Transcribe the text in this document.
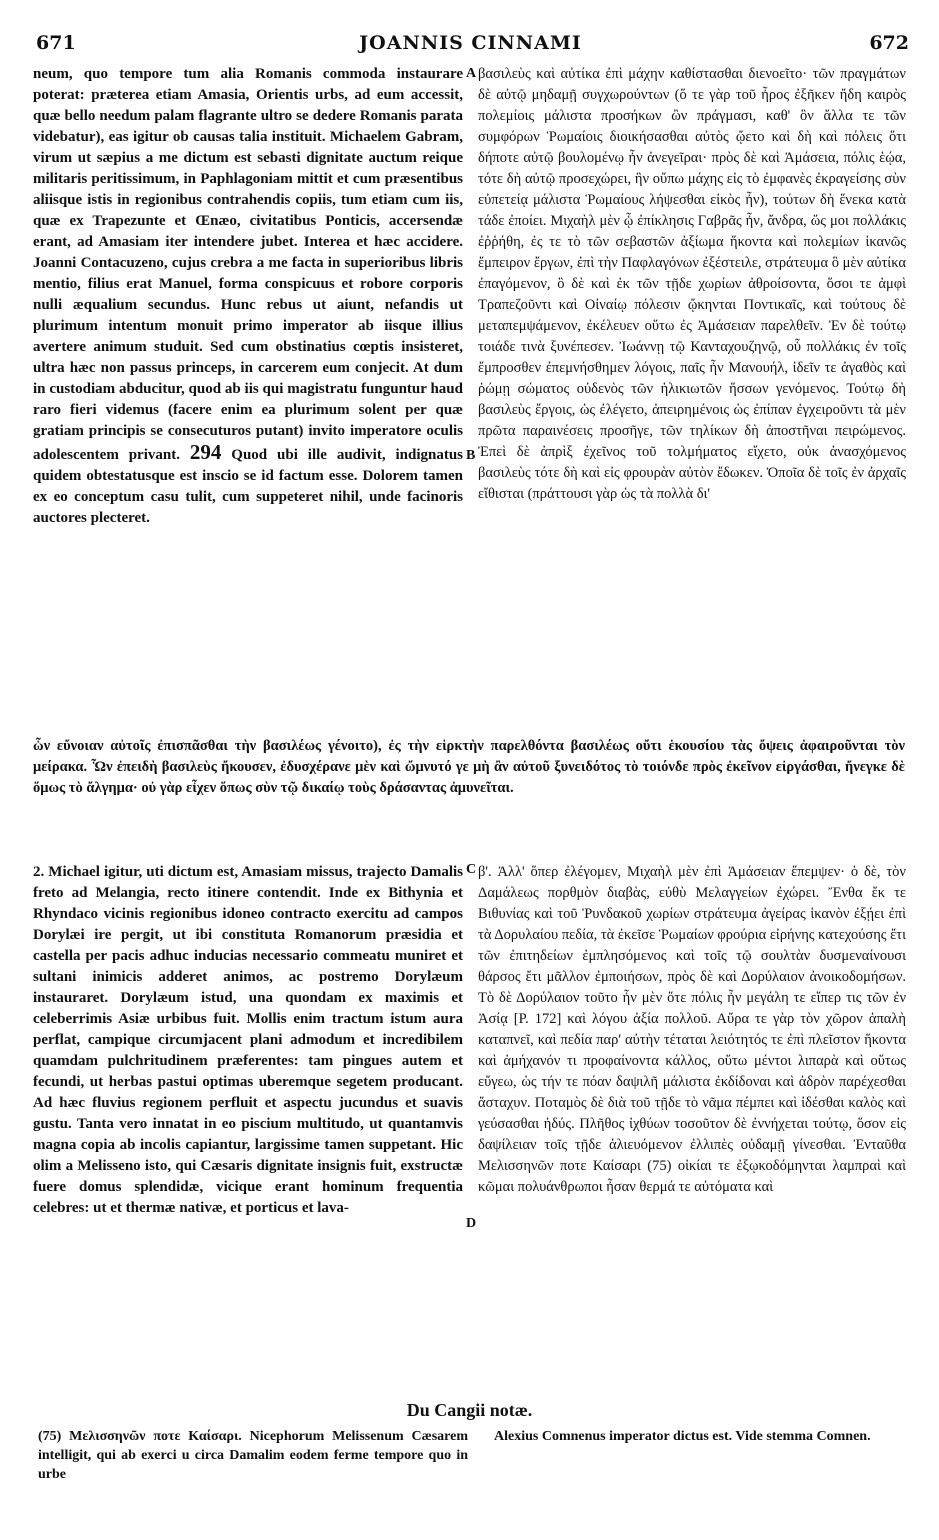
671	JOANNIS CINNAMI	672

neum, quo tempore tum alia Romanis commoda instaurare poterat: præterea etiam Amasia, Orientis urbs, ad eum accessit, quæ bello needum palam flagrante ultro se dedere Romanis parata videbatur), eas igitur ob causas talia instituit. Michaelem Gabram, virum ut sæpius a me dictum est sebasti dignitate auctum reique militaris peritissimum, in Paphlagoniam mittit et cum præsentibus aliisque istis in regionibus contrahendis copiis, tum etiam cum iis, quæ ex Trapezunte et Œnæo, civitatibus Ponticis, accersendæ erant, ad Amasiam iter intendere jubet. Interea et hæc accidere. Joanni Contacuzeno, cujus crebra a me facta in superioribus libris mentio, filius erat Manuel, forma conspicuus et robore corporis nulli æqualium secundus. Hunc rebus ut aiunt, nefandis ut plurimum intentum monuit primo imperator ab iisque illius avertere animum studuit. Sed cum obstinatius cœptis insisteret, ultra hæc non passus princeps, in carcerem eum conjecit. At dum in custodiam abducitur, quod ab iis qui magistratu funguntur haud raro fieri videmus (facere enim ea plurimum solent per quæ gratiam principis se consecuturos putant) invito imperatore oculis adolescentem privant. 294 Quod ubi ille audivit, indignatus quidem obtestatusque est inscio se id factum esse. Dolorem tamen ex eo conceptum casu tulit, cum suppeteret nihil, unde facinoris auctores plecteret.

βασιλεὺς καὶ αὐτίκα ἐπὶ μάχην καθίστασθαι διενοεῖτο· τῶν πραγμάτων δὲ αὐτῷ μηδαμῇ συγχωρούντων (ὅ τε γὰρ τοῦ ἦρος ἐξῆκεν ἤδη καιρὸς πολεμίοις μάλιστα προσήκων ὢν πράγμασι, καθ' ὃν ἄλλα τε τῶν συμφόρων Ῥωμαίοις διοικήσασθαι αὐτὸς ᾤετο καὶ δὴ καὶ πόλεις ὅτι δήποτε αὐτῷ βουλομένῳ ἦν ἀνεγεῖραι· πρὸς δὲ καὶ Ἀμάσεια, πόλις ἑῴα, τότε δὴ αὐτῷ προσεχώρει, ἣν οὔπω μάχης εἰς τὸ ἐμφανὲς ἐκραγείσης σὺν εὐπετείᾳ μάλιστα Ῥωμαίους λήψεσθαι εἰκὸς ἦν), τούτων δὴ ἕνεκα κατὰ τάδε ἐποίει. Μιχαὴλ μὲν ᾧ ἐπίκλησις Γαβρᾶς ἦν, ἄνδρα, ὥς μοι πολλάκις ἐῤῥήθη, ἐς τε τὸ τῶν σεβαστῶν ἀξίωμα ἥκοντα καὶ πολεμίων ἱκανῶς ἔμπειρον ἔργων, ἐπὶ τὴν Παφλαγόνων ἐξέστειλε, στράτευμα ὃ μὲν αὐτίκα ἐπαγόμενον, ὃ δὲ καὶ ἐκ τῶν τῇδε χωρίων ἀθροίσοντα, ὅσοι τε ἀμφὶ Τραπεζοῦντι καὶ Οἰναίῳ πόλεσιν ᾤκηνται Ποντικαῖς, καὶ τούτους δὲ μεταπεμψάμενον, ἐκέλευεν οὕτω ἐς Ἀμάσειαν παρελθεῖν. Ἐν δὲ τούτῳ τοιάδε τινὰ ξυνέπεσεν. Ἰωάννῃ τῷ Κανταχουζηνῷ, οὗ πολλάκις ἐν τοῖς ἔμπροσθεν ἐπεμνήσθημεν λόγοις, παῖς ἦν Μανουήλ, ἰδεῖν τε ἀγαθὸς καὶ ῥώμῃ σώματος οὐδενὸς τῶν ἡλικιωτῶν ἥσσων γενόμενος. Τούτῳ δὴ βασιλεὺς ἔργοις, ὡς ἐλέγετο, ἀπειρημένοις ὡς ἐπίπαν ἐγχειροῦντι τὰ μὲν πρῶτα παραινέσεις προσῆγε, τῶν τηλίκων δὴ ἀποστῆναι πειρώμενος. Ἐπεὶ δὲ ἀπρὶξ ἐχεῖνος τοῦ τολμήματος εἴχετο, οὐκ ἀνασχόμενος βασιλεὺς τότε δὴ καὶ εἰς φρουρὰν αὐτὸν ἔδωκεν. Ὁποῖα δὲ τοῖς ἐν ἀρχαῖς εἴθισται (πράττουσι γὰρ ὡς τὰ πολλὰ δι'

ὧν εὔνοιαν αὐτοῖς ἐπισπᾶσθαι τὴν βασιλέως γένοιτο), ἐς τὴν εἱρκτὴν παρελθόντα βασιλέως οὔτι ἑκουσίου τὰς ὄψεις ἀφαιροῦνται τὸν μείρακα. Ὧν ἐπειδὴ βασιλεὺς ἤκουσεν, ἐδυσχέρανε μὲν καὶ ὤμνυτό γε μὴ ἂν αὐτοῦ ξυνειδότος τὸ τοιόνδε πρὸς ἐκεῖνον εἰργάσθαι, ἤνεγκε δὲ ὅμως τὸ ἄλγημα· οὐ γὰρ εἶχεν ὅπως σὺν τῷ δικαίῳ τοὺς δράσαντας ἀμυνεῖται.

2. Michael igitur, uti dictum est, Amasiam missus, trajecto Damalis freto ad Melangia, recto itinere contendit. Inde ex Bithynia et Rhyndaco vicinis regionibus idoneo contracto exercitu ad campos Dorylæi ire pergit, ut ibi constituta Romanorum præsidia et castella per pacis adhuc inducias necessario commeatu muniret et sultani inimicis adderet animos, ac postremo Dorylæum instauraret. Dorylæum istud, una quondam ex maximis et celeberrimis Asiæ urbibus fuit. Mollis enim tractum istum aura perflat, campique circumjacent plani admodum et incredibilem quamdam pulchritudinem præferentes: tam pingues autem et fecundi, ut herbas pastui optimas uberemque segetem producant. Ad hæc fluvius regionem perfluit et aspectu jucundus et suavis gustu. Tanta vero innatat in eo piscium multitudo, ut quantamvis magna copia ab incolis capiantur, largissime tamen suppetant. Hic olim a Melisseno isto, qui Cæsaris dignitate insignis fuit, exstructæ fuere domus splendidæ, vicique erant hominum frequentia celebres: ut et thermæ nativæ, et porticus et lava-

β'. Ἀλλ' ὅπερ ἐλέγομεν, Μιχαὴλ μὲν ἐπὶ Ἀμάσειαν ἔπεμψεν· ὁ δὲ, τὸν Δαμάλεως πορθμὸν διαβὰς, εὐθὺ Μελαγγείων ἐχώρει. Ἔνθα ἔκ τε Βιθυνίας καὶ τοῦ Ῥυνδακοῦ χωρίων στράτευμα ἀγείρας ἱκανὸν ἐξῄει ἐπὶ τὰ Δορυλαίου πεδία, τὰ ἐκεῖσε Ῥωμαίων φρούρια εἰρήνης κατεχούσης ἔτι τῶν ἐπιτηδείων ἐμπλησόμενος καὶ τοῖς τῷ σουλτὰν δυσμεναίνουσι θάρσος ἔτι μᾶλλον ἐμποιήσων, πρὸς δὲ καὶ Δορύλαιον ἀνοικοδομήσων. Τὸ δὲ Δορύλαιον τοῦτο ἦν μὲν ὅτε πόλις ἦν μεγάλη τε εἴπερ τις τῶν ἐν Ἀσίᾳ [P. 172] καὶ λόγου ἀξία πολλοῦ. Αὔρα τε γὰρ τὸν χῶρον ἁπαλὴ καταπνεῖ, καὶ πεδία παρ' αὐτὴν τέταται λειότητός τε ἐπὶ πλεῖστον ἥκοντα καὶ ἀμήχανόν τι προφαίνοντα κάλλος, οὕτω μέντοι λιπαρὰ καὶ οὕτως εὔγεω, ὡς τήν τε πόαν δαψιλῆ μάλιστα ἐκδίδοναι καὶ ἁδρὸν παρέχεσθαι ἄσταχυν. Ποταμὸς δὲ διὰ τοῦ τῇδε τὸ νᾶμα πέμπει καὶ ἰδέσθαι καλὸς καὶ γεύσασθαι ἡδύς. Πλῆθος ἰχθύων τοσοῦτον δὲ ἐννήχεται τούτῳ, ὅσον εἰς δαψίλειαν τοῖς τῇδε ἁλιευόμενον ἐλλιπὲς οὐδαμῇ γίνεσθαι. Ἐνταῦθα Μελισσηνῶν ποτε Καίσαρι (75) οἰκίαι τε ἐξῳκοδόμηνται λαμπραὶ καὶ κῶμαι πολυάνθρωποι ἦσαν θερμά τε αὐτόματα καὶ

A
B
C
D
Du Cangii notæ.
(75) Μελισσηνῶν ποτε Καίσαρι. Nicephorum Melissenum Cæsarem intelligit, qui ab exerci u circa Damalim eodem ferme tempore quo in urbe
Alexius Comnenus imperator dictus est. Vide stemma Comnen.
